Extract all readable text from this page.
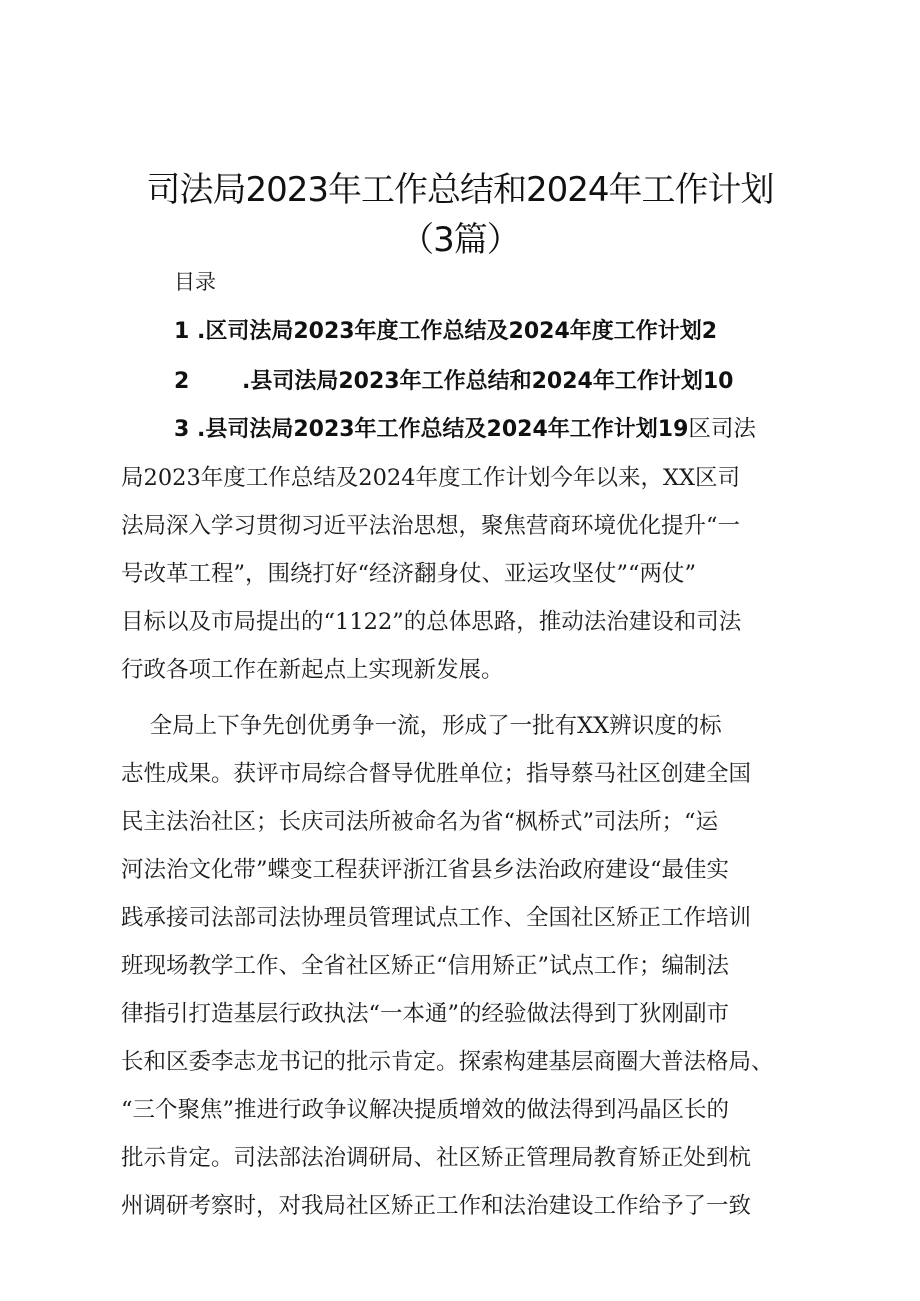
司法局2023年工作总结和2024年工作计划
（3篇）
目录
1 .区司法局2023年度工作总结及2024年度工作计划2
2 .县司法局2023年工作总结和2024年工作计划10
3 .县司法局2023年工作总结及2024年工作计划19区司法
局2023年度工作总结及2024年度工作计划今年以来，XX区司
法局深入学习贯彻习近平法治思想，聚焦营商环境优化提升“一
号改革工程”，围绕打好“经济翻身仗、亚运攻坚仗”“两仗”
目标以及市局提出的“1122”的总体思路，推动法治建设和司法
行政各项工作在新起点上实现新发展。
全局上下争先创优勇争一流，形成了一批有XX辨识度的标
志性成果。获评市局综合督导优胜单位；指导蔡马社区创建全国
民主法治社区；长庆司法所被命名为省“枫桥式”司法所；“运
河法治文化带”蝶变工程获评浙江省县乡法治政府建设“最佳实
践承接司法部司法协理员管理试点工作、全国社区矫正工作培训
班现场教学工作、全省社区矫正“信用矫正”试点工作；编制法
律指引打造基层行政执法“一本通”的经验做法得到丁狄刚副市
长和区委李志龙书记的批示肯定。探索构建基层商圈大普法格局、
“三个聚焦”推进行政争议解决提质增效的做法得到冯晶区长的
批示肯定。司法部法治调研局、社区矫正管理局教育矫正处到杭
州调研考察时，对我局社区矫正工作和法治建设工作给予了一致
